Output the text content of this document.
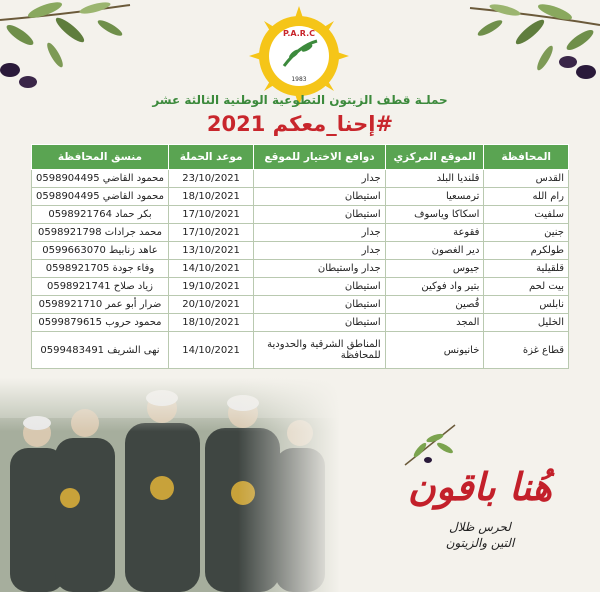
P.A.R.C
1983
حملـة قطف الزيتون التطوعية الوطنية الثالثة عشر
#إحنا_معكم 2021
المحافظة	الموقع المركزي	دوافع الاختيار للموقع	موعد الحملة	منسق المحافظة
القدس	قلنديا البلد	جدار	23/10/2021	محمود القاضي 0598904495
رام الله	ترمسعيا	استيطان	18/10/2021	محمود القاضي 0598904495
سلفيت	اسكاكا وياسوف	استيطان	17/10/2021	بكر حماد 0598921764
جنين	فقوعة	جدار	17/10/2021	محمد جرادات 0598921798
طولكرم	دير الغصون	جدار	13/10/2021	عاهد زنابيط 0599663070
قلقيلية	جيوس	جدار واستيطان	14/10/2021	وفاء جودة 0598921705
بيت لحم	بتير واد فوكين	استيطان	19/10/2021	زياد صلاح 0598921741
نابلس	قُصين	استيطان	20/10/2021	ضرار أبو عمر 0598921710
الخليل	المجد	استيطان	18/10/2021	محمود حروب 0599879615
قطاع غزة	خانيونس	المناطق الشرقية والحدودية للمحافظة	14/10/2021	نهى الشريف 0599483491
هُنا باقون
لحرس ظلال
التين والزيتون
